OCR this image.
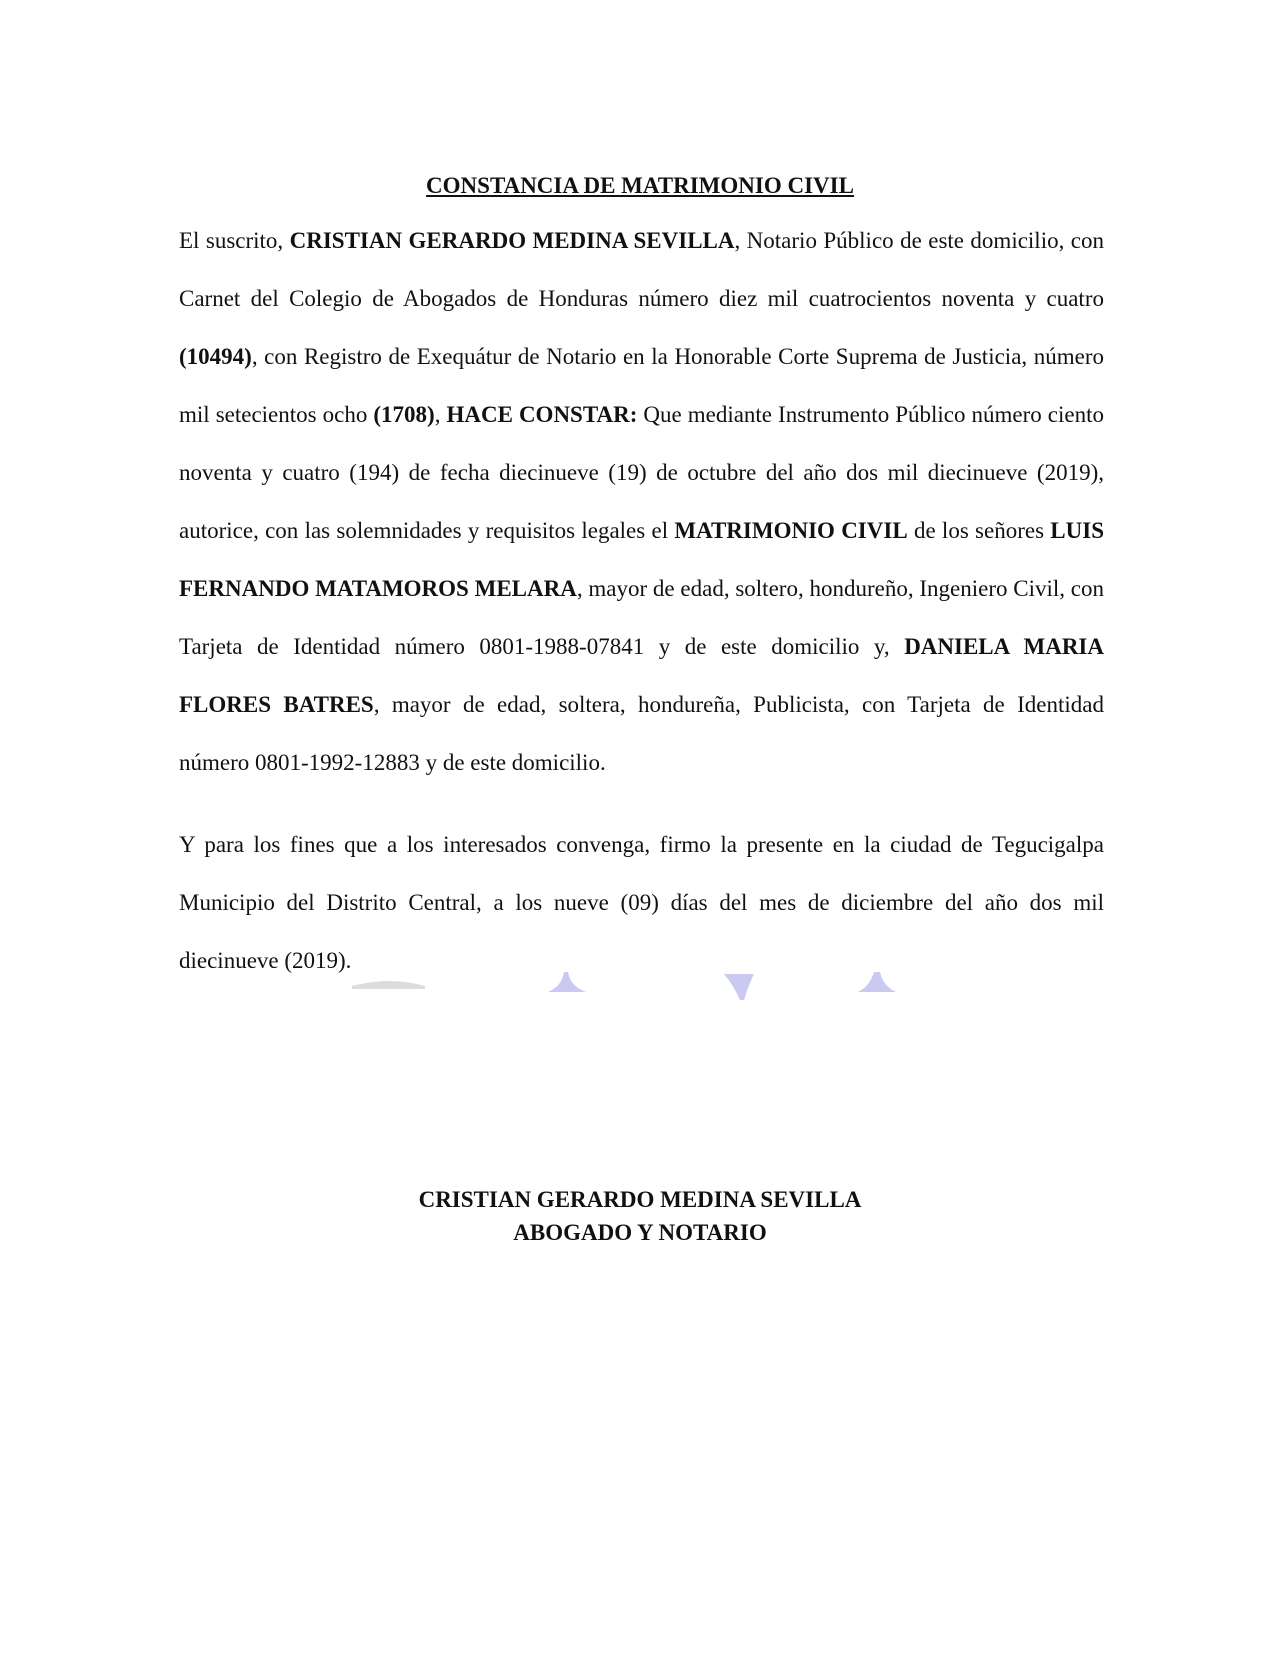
CONSTANCIA DE MATRIMONIO CIVIL

El suscrito, CRISTIAN GERARDO MEDINA SEVILLA, Notario Público de este domicilio, con Carnet del Colegio de Abogados de Honduras número diez mil cuatrocientos noventa y cuatro (10494), con Registro de Exequátur de Notario en la Honorable Corte Suprema de Justicia, número mil setecientos ocho (1708), HACE CONSTAR: Que mediante Instrumento Público número ciento noventa y cuatro (194) de fecha diecinueve (19) de octubre del año dos mil diecinueve (2019), autorice, con las solemnidades y requisitos legales el MATRIMONIO CIVIL de los señores LUIS FERNANDO MATAMOROS MELARA, mayor de edad, soltero, hondureño, Ingeniero Civil, con Tarjeta de Identidad número 0801-1988-07841 y de este domicilio y, DANIELA MARIA FLORES BATRES, mayor de edad, soltera, hondureña, Publicista, con Tarjeta de Identidad número 0801-1992-12883 y de este domicilio.

Y para los fines que a los interesados convenga, firmo la presente en la ciudad de Tegucigalpa Municipio del Distrito Central, a los nueve (09) días del mes de diciembre del año dos mil diecinueve (2019).

CRISTIAN GERARDO MEDINA SEVILLA
ABOGADO Y NOTARIO
